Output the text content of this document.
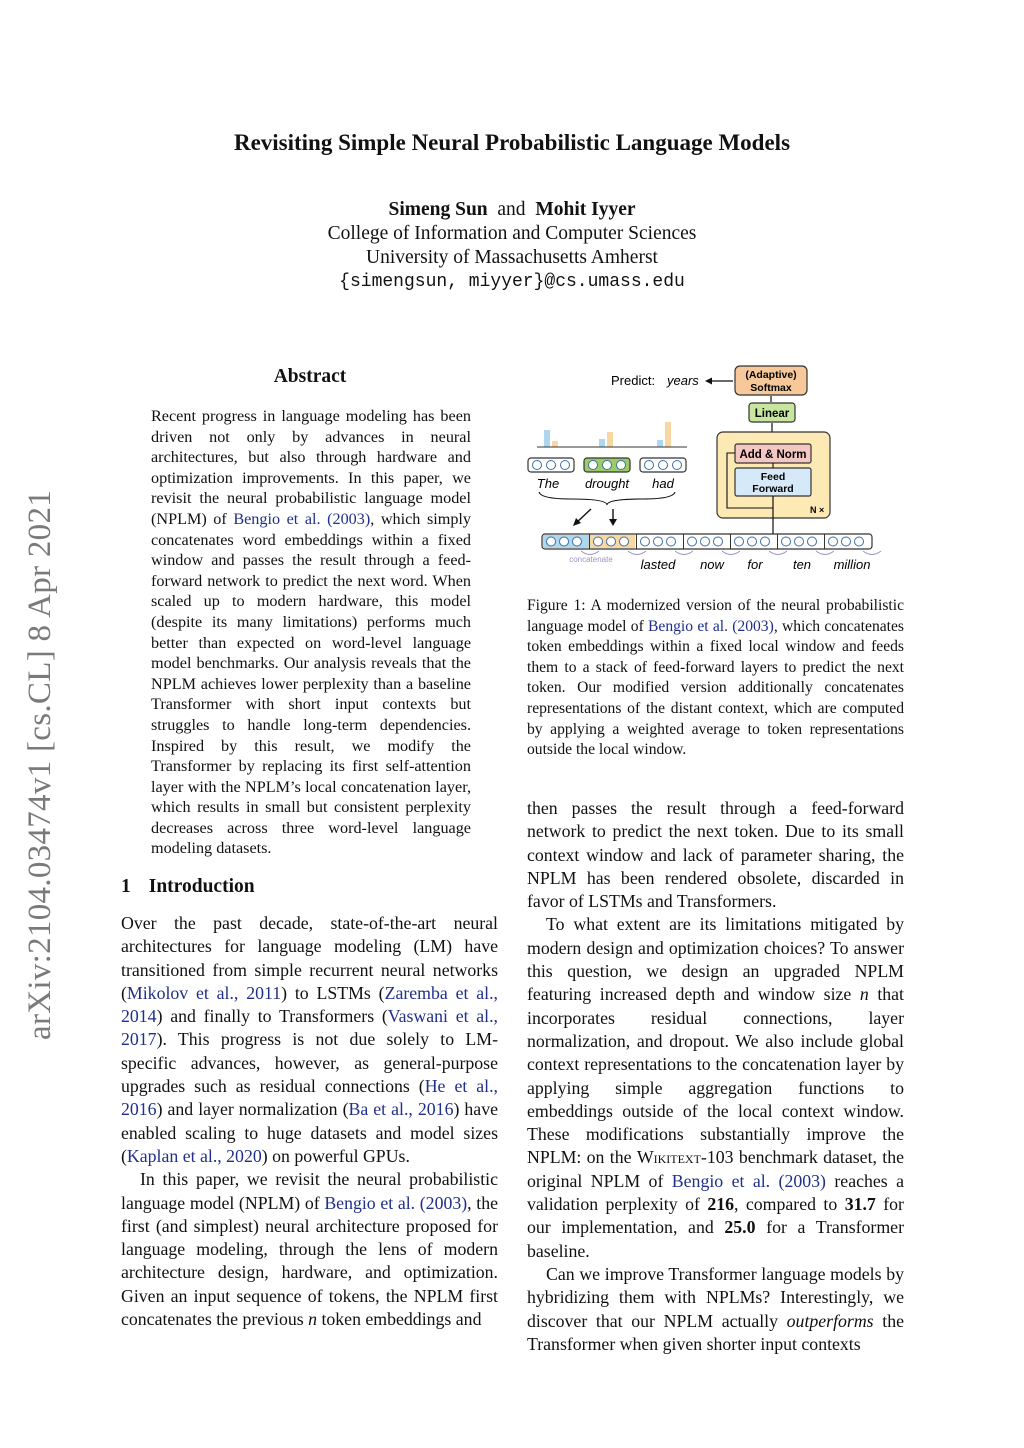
Revisiting Simple Neural Probabilistic Language Models
Simeng Sun and Mohit Iyyer
College of Information and Computer Sciences
University of Massachusetts Amherst
{simengsun, miyyer}@cs.umass.edu
arXiv:2104.03474v1 [cs.CL] 8 Apr 2021
Abstract
Recent progress in language modeling has been driven not only by advances in neural architectures, but also through hardware and optimization improvements. In this paper, we revisit the neural probabilistic language model (NPLM) of Bengio et al. (2003), which simply concatenates word embeddings within a fixed window and passes the result through a feed-forward network to predict the next word. When scaled up to modern hardware, this model (despite its many limitations) performs much better than expected on word-level language model benchmarks. Our analysis reveals that the NPLM achieves lower perplexity than a baseline Transformer with short input contexts but struggles to handle long-term dependencies. Inspired by this result, we modify the Transformer by replacing its first self-attention layer with the NPLM’s local concatenation layer, which results in small but consistent perplexity decreases across three word-level language modeling datasets.
1 Introduction

Over the past decade, state-of-the-art neural architectures for language modeling (LM) have transitioned from simple recurrent neural networks (Mikolov et al., 2011) to LSTMs (Zaremba et al., 2014) and finally to Transformers (Vaswani et al., 2017). This progress is not due solely to LM-specific advances, however, as general-purpose upgrades such as residual connections (He et al., 2016) and layer normalization (Ba et al., 2016) have enabled scaling to huge datasets and model sizes (Kaplan et al., 2020) on powerful GPUs.

In this paper, we revisit the neural probabilistic language model (NPLM) of Bengio et al. (2003), the first (and simplest) neural architecture proposed for language modeling, through the lens of modern architecture design, hardware, and optimization. Given an input sequence of tokens, the NPLM first concatenates the previous n token embeddings and

Predict: years	(Adaptive)
Softmax
Linear
Add & Norm
Feed
Forward
N ×
The drought had
concatenate lasted now for ten million
Figure 1: A modernized version of the neural probabilistic language model of Bengio et al. (2003), which concatenates token embeddings within a fixed local window and feeds them to a stack of feed-forward layers to predict the next token. Our modified version additionally concatenates representations of the distant context, which are computed by applying a weighted average to token representations outside the local window.

then passes the result through a feed-forward network to predict the next token. Due to its small context window and lack of parameter sharing, the NPLM has been rendered obsolete, discarded in favor of LSTMs and Transformers.

To what extent are its limitations mitigated by modern design and optimization choices? To answer this question, we design an upgraded NPLM featuring increased depth and window size n that incorporates residual connections, layer normalization, and dropout. We also include global context representations to the concatenation layer by applying simple aggregation functions to embeddings outside of the local context window. These modifications substantially improve the NPLM: on the Wikitext-103 benchmark dataset, the original NPLM of Bengio et al. (2003) reaches a validation perplexity of 216, compared to 31.7 for our implementation, and 25.0 for a Transformer baseline.

Can we improve Transformer language models by hybridizing them with NPLMs? Interestingly, we discover that our NPLM actually outperforms the Transformer when given shorter input contexts
